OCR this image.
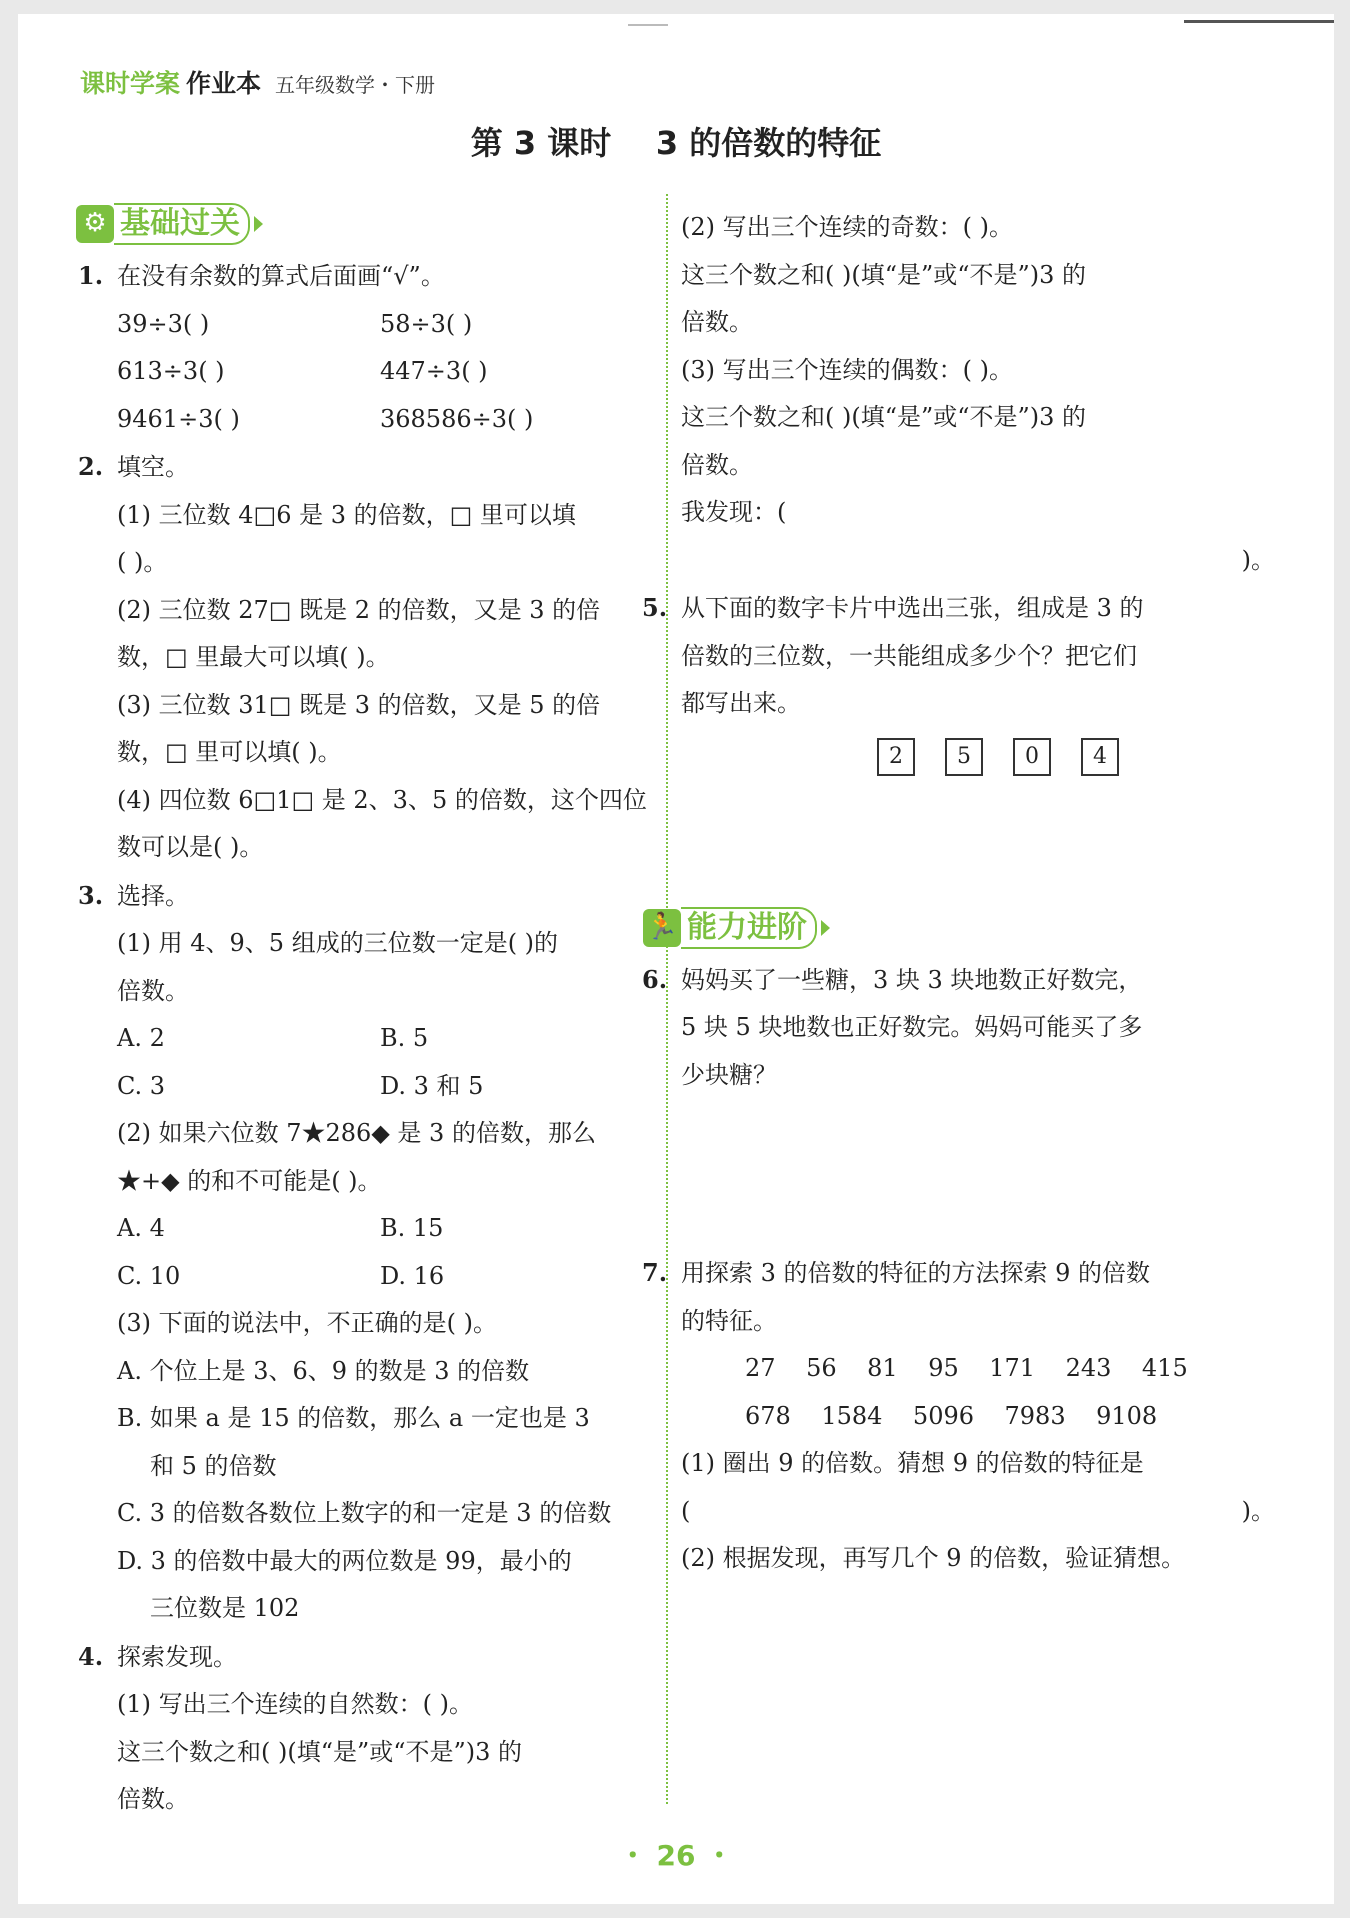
课时学案 作业本 五年级数学・下册
第 3 课时    3 的倍数的特征
⚙ 基础过关
1. 在没有余数的算式后面画“√”。
39÷3( )	58÷3( )
613÷3( )	447÷3( )
9461÷3( )	368586÷3( )
2. 填空。
(1) 三位数 4□6 是 3 的倍数，□ 里可以填
( )。
(2) 三位数 27□ 既是 2 的倍数，又是 3 的倍
数，□ 里最大可以填( )。
(3) 三位数 31□ 既是 3 的倍数，又是 5 的倍
数，□ 里可以填( )。
(4) 四位数 6□1□ 是 2、3、5 的倍数，这个四位
数可以是( )。
3. 选择。
(1) 用 4、9、5 组成的三位数一定是( )的
倍数。
A. 2	B. 5
C. 3	D. 3 和 5
(2) 如果六位数 7★286◆ 是 3 的倍数，那么
★+◆ 的和不可能是( )。
A. 4	B. 15
C. 10	D. 16
(3) 下面的说法中，不正确的是( )。
A. 个位上是 3、6、9 的数是 3 的倍数
B. 如果 a 是 15 的倍数，那么 a 一定也是 3
和 5 的倍数
C. 3 的倍数各数位上数字的和一定是 3 的倍数
D. 3 的倍数中最大的两位数是 99，最小的
三位数是 102
4. 探索发现。
(1) 写出三个连续的自然数：( )。
这三个数之和( )(填“是”或“不是”)3 的
倍数。
(2) 写出三个连续的奇数：( )。
这三个数之和( )(填“是”或“不是”)3 的
倍数。
(3) 写出三个连续的偶数：( )。
这三个数之和( )(填“是”或“不是”)3 的
倍数。
我发现：(
)。
5. 从下面的数字卡片中选出三张，组成是 3 的
倍数的三位数，一共能组成多少个？把它们
都写出来。
2	5	0	4
🏃 能力进阶
6. 妈妈买了一些糖，3 块 3 块地数正好数完，
5 块 5 块地数也正好数完。妈妈可能买了多
少块糖？
7. 用探索 3 的倍数的特征的方法探索 9 的倍数
的特征。
27 56 81 95 171 243 415
678 1584 5096 7983 9108
(1) 圈出 9 的倍数。猜想 9 的倍数的特征是
(	)。
(2) 根据发现，再写几个 9 的倍数，验证猜想。
・ 26 ・
